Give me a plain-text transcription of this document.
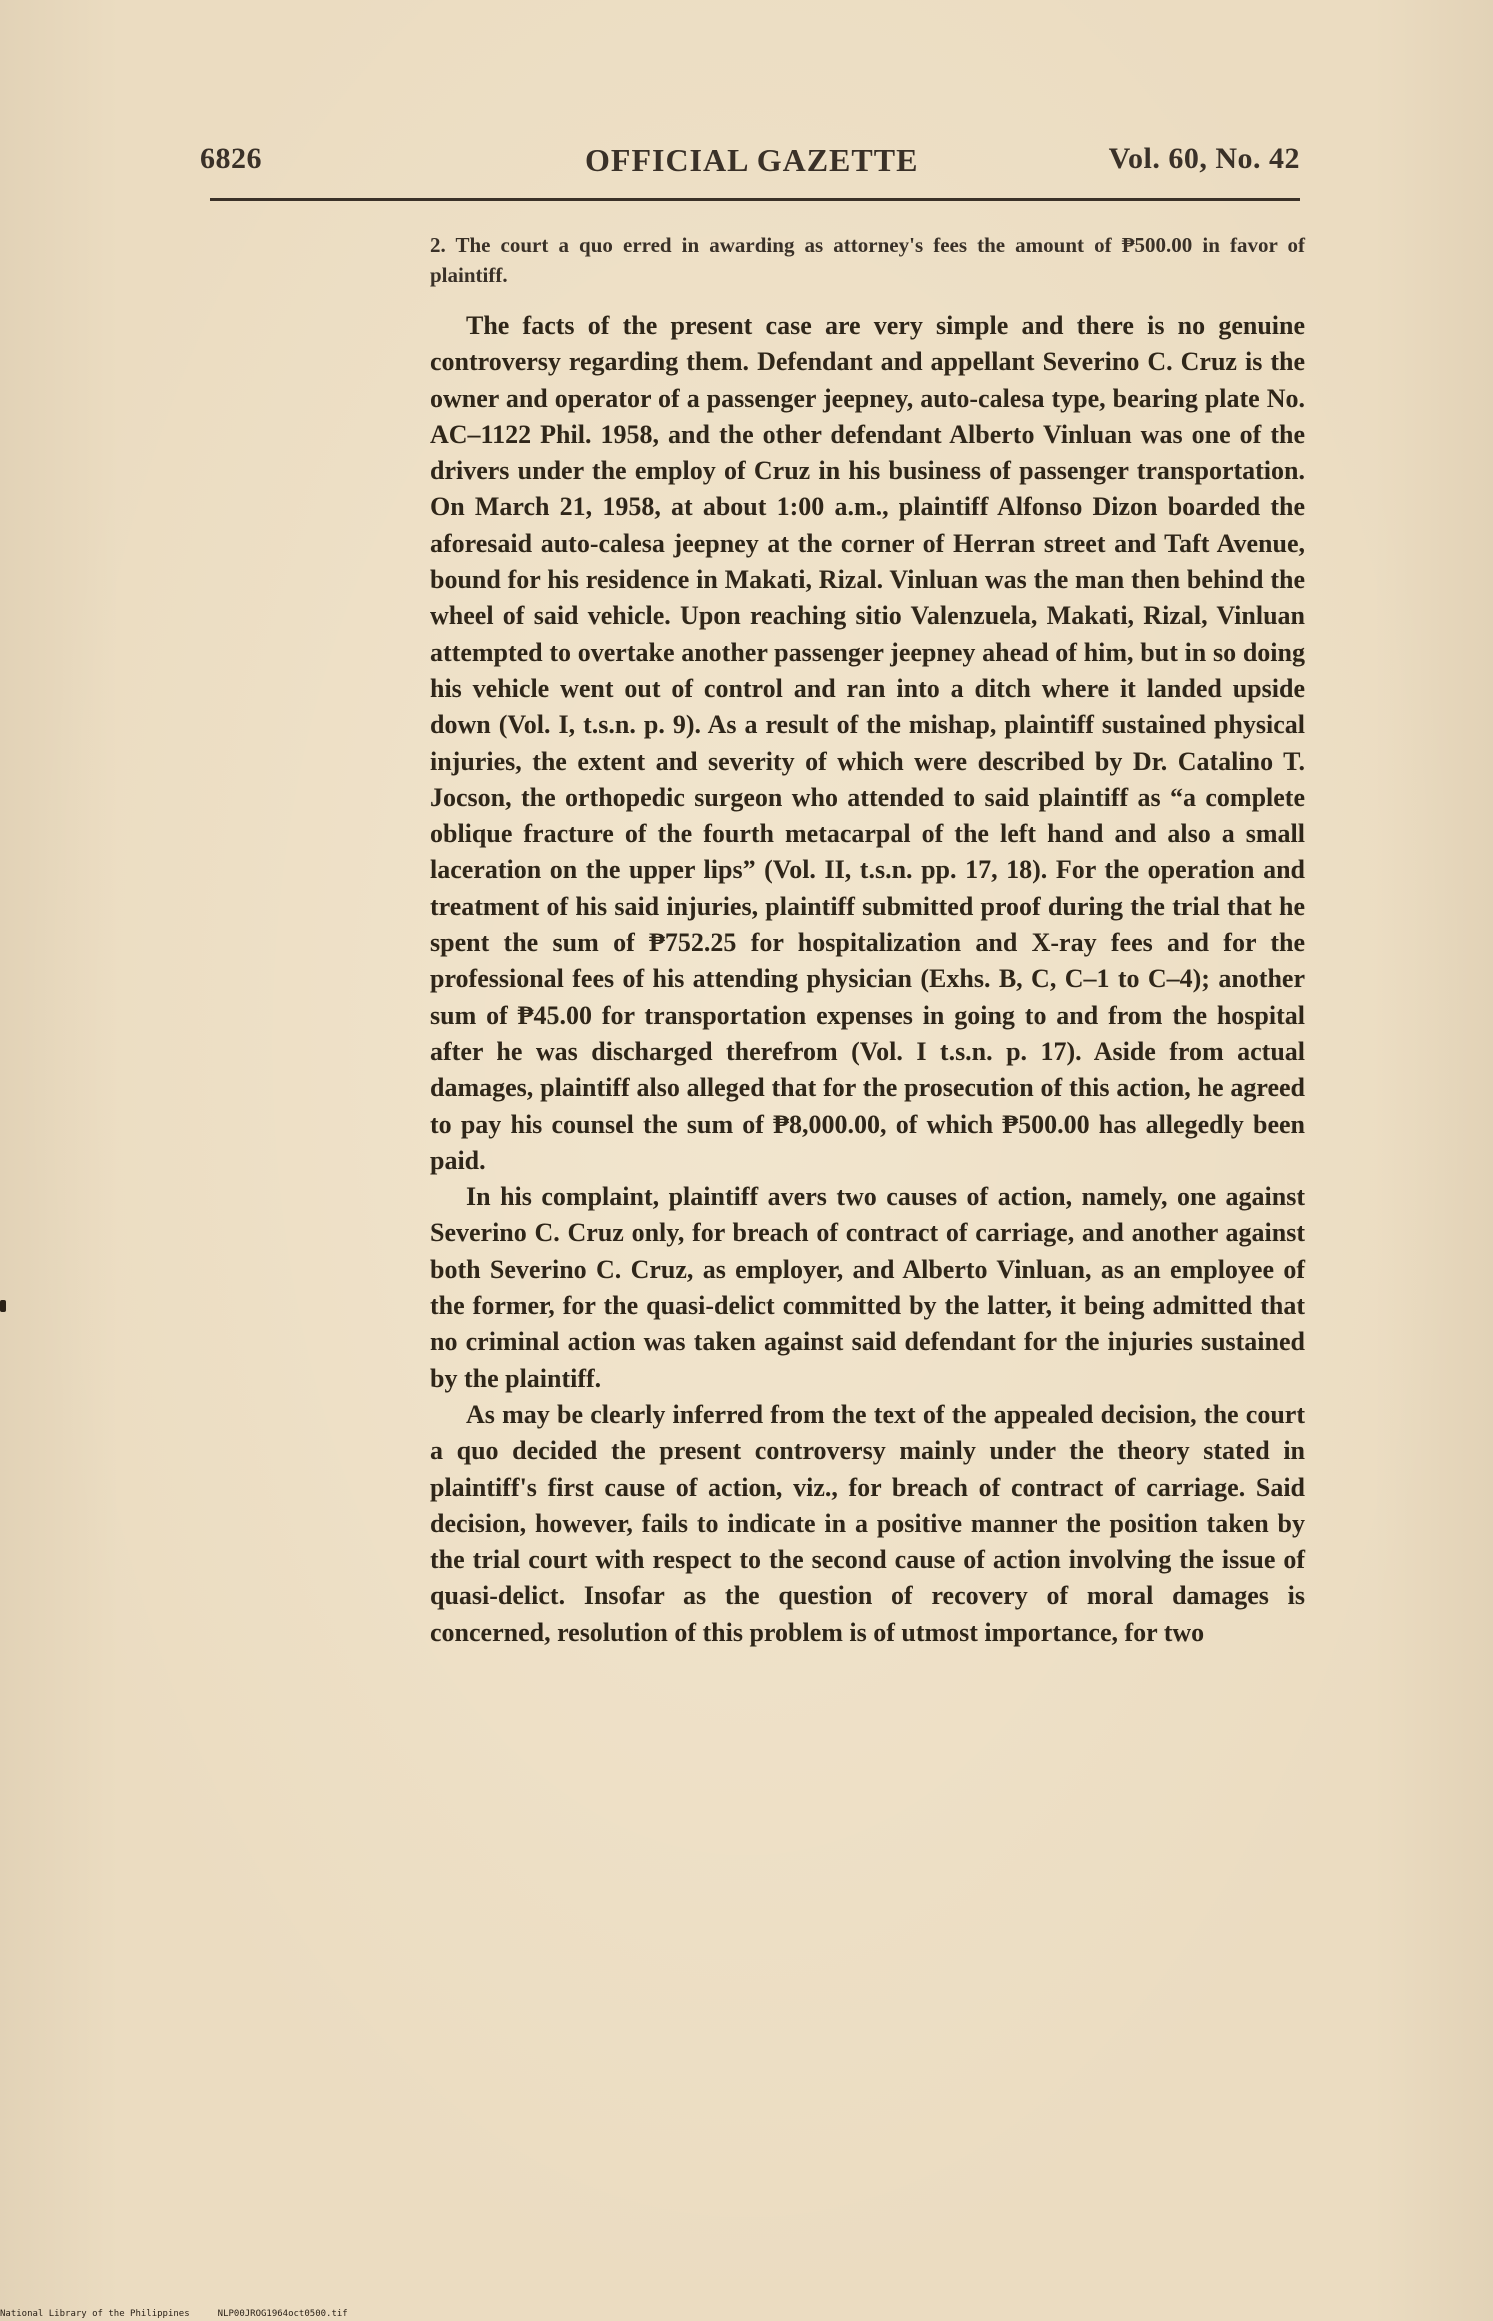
6826	OFFICIAL GAZETTE	Vol. 60, No. 42

2. The court a quo erred in awarding as attorney's fees the amount of ₱500.00 in favor of plaintiff.

The facts of the present case are very simple and there is no genuine controversy regarding them. Defendant and appellant Severino C. Cruz is the owner and operator of a passenger jeepney, auto-calesa type, bearing plate No. AC–1122 Phil. 1958, and the other defendant Alberto Vinluan was one of the drivers under the employ of Cruz in his business of passenger transportation. On March 21, 1958, at about 1:00 a.m., plaintiff Alfonso Dizon boarded the aforesaid auto-calesa jeepney at the corner of Herran street and Taft Avenue, bound for his residence in Makati, Rizal. Vinluan was the man then behind the wheel of said vehicle. Upon reaching sitio Valenzuela, Makati, Rizal, Vinluan attempted to overtake another passenger jeepney ahead of him, but in so doing his vehicle went out of control and ran into a ditch where it landed upside down (Vol. I, t.s.n. p. 9). As a result of the mishap, plaintiff sustained physical injuries, the extent and severity of which were described by Dr. Catalino T. Jocson, the orthopedic surgeon who attended to said plaintiff as “a complete oblique fracture of the fourth metacarpal of the left hand and also a small laceration on the upper lips” (Vol. II, t.s.n. pp. 17, 18). For the operation and treatment of his said injuries, plaintiff submitted proof during the trial that he spent the sum of ₱752.25 for hospitalization and X-ray fees and for the professional fees of his attending physician (Exhs. B, C, C–1 to C–4); another sum of ₱45.00 for transportation expenses in going to and from the hospital after he was discharged therefrom (Vol. I t.s.n. p. 17). Aside from actual damages, plaintiff also alleged that for the prosecution of this action, he agreed to pay his counsel the sum of ₱8,000.00, of which ₱500.00 has allegedly been paid.

In his complaint, plaintiff avers two causes of action, namely, one against Severino C. Cruz only, for breach of contract of carriage, and another against both Severino C. Cruz, as employer, and Alberto Vinluan, as an employee of the former, for the quasi-delict committed by the latter, it being admitted that no criminal action was taken against said defendant for the injuries sustained by the plaintiff.

As may be clearly inferred from the text of the appealed decision, the court a quo decided the present controversy mainly under the theory stated in plaintiff's first cause of action, viz., for breach of contract of carriage. Said decision, however, fails to indicate in a positive manner the position taken by the trial court with respect to the second cause of action involving the issue of quasi-delict. Insofar as the question of recovery of moral damages is concerned, resolution of this problem is of utmost importance, for two

National Library of the Philippines	NLP00JROG1964oct0500.tif
